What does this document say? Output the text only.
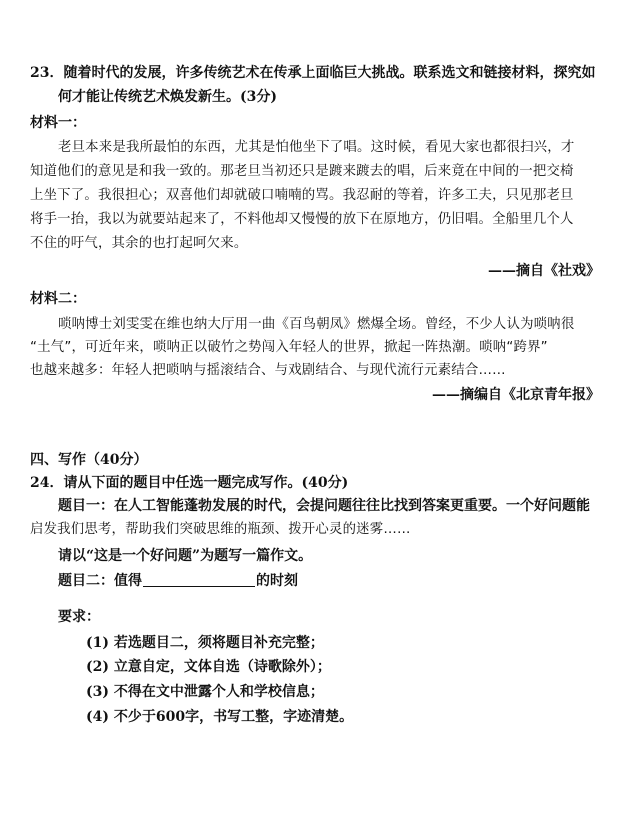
23．随着时代的发展，许多传统艺术在传承上面临巨大挑战。联系选文和链接材料，探究如
何才能让传统艺术焕发新生。(3分)
材料一：
老旦本来是我所最怕的东西，尤其是怕他坐下了唱。这时候，看见大家也都很扫兴，才
知道他们的意见是和我一致的。那老旦当初还只是踱来踱去的唱，后来竟在中间的一把交椅
上坐下了。我很担心；双喜他们却就破口喃喃的骂。我忍耐的等着，许多工夫，只见那老旦
将手一抬，我以为就要站起来了，不料他却又慢慢的放下在原地方，仍旧唱。全船里几个人
不住的吁气，其余的也打起呵欠来。
——摘自《社戏》
材料二：
唢呐博士刘雯雯在维也纳大厅用一曲《百鸟朝凤》燃爆全场。曾经，不少人认为唢呐很
“土气”，可近年来，唢呐正以破竹之势闯入年轻人的世界，掀起一阵热潮。唢呐“跨界”
也越来越多：年轻人把唢呐与摇滚结合、与戏剧结合、与现代流行元素结合……
——摘编自《北京青年报》
四、写作（40分）
24．请从下面的题目中任选一题完成写作。(40分)
题目一：在人工智能蓬勃发展的时代，会提问题往往比找到答案更重要。一个好问题能
启发我们思考，帮助我们突破思维的瓶颈、拨开心灵的迷雾……
请以“这是一个好问题”为题写一篇作文。
题目二：值得	的时刻
要求：
(1) 若选题目二，须将题目补充完整；
(2) 立意自定，文体自选（诗歌除外）；
(3) 不得在文中泄露个人和学校信息；
(4) 不少于600字，书写工整，字迹清楚。
